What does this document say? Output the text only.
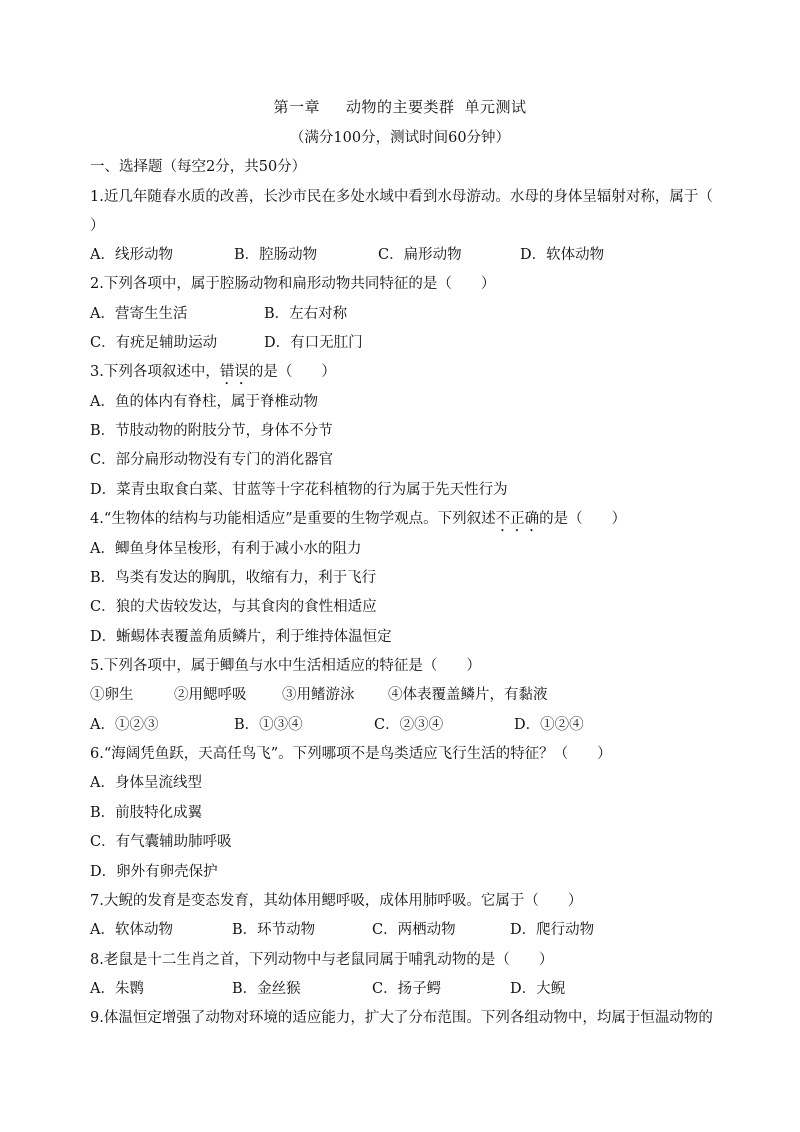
第一章 动物的主要类群 单元测试
（满分100分，测试时间60分钟）
一、选择题（每空2分，共50分）
1.近几年随春水质的改善，长沙市民在多处水域中看到水母游动。水母的身体呈辐射对称，属于（
）
A．线形动物	B．腔肠动物	C．扁形动物	D．软体动物
2.下列各项中，属于腔肠动物和扁形动物共同特征的是（　　）
A．营寄生生活	B．左右对称
C．有疣足辅助运动	D．有口无肛门
3.下列各项叙述中，错误的是（　　）
A．鱼的体内有脊柱，属于脊椎动物
B．节肢动物的附肢分节，身体不分节
C．部分扁形动物没有专门的消化器官
D．菜青虫取食白菜、甘蓝等十字花科植物的行为属于先天性行为
4.“生物体的结构与功能相适应”是重要的生物学观点。下列叙述不正确的是（　　）
A．鲫鱼身体呈梭形，有利于减小水的阻力
B．鸟类有发达的胸肌，收缩有力，利于飞行
C．狼的犬齿较发达，与其食肉的食性相适应
D．蜥蜴体表覆盖角质鳞片，利于维持体温恒定
5.下列各项中，属于鲫鱼与水中生活相适应的特征是（　　）
①卵生	②用鳃呼吸 ③用鳍游泳 ④体表覆盖鳞片，有黏液
A．①②③	B．①③④	C．②③④	D．①②④
6.“海阔凭鱼跃，天高任鸟飞”。下列哪项不是鸟类适应飞行生活的特征？（　　）
A．身体呈流线型
B．前肢特化成翼
C．有气囊辅助肺呼吸
D．卵外有卵壳保护
7.大鲵的发育是变态发育，其幼体用鳃呼吸，成体用肺呼吸。它属于（　　）
A．软体动物	B．环节动物	C．两栖动物	D．爬行动物
8.老鼠是十二生肖之首，下列动物中与老鼠同属于哺乳动物的是（　　）
A．朱鹮	B．金丝猴	C．扬子鳄	D．大鲵
9.体温恒定增强了动物对环境的适应能力，扩大了分布范围。下列各组动物中，均属于恒温动物的
